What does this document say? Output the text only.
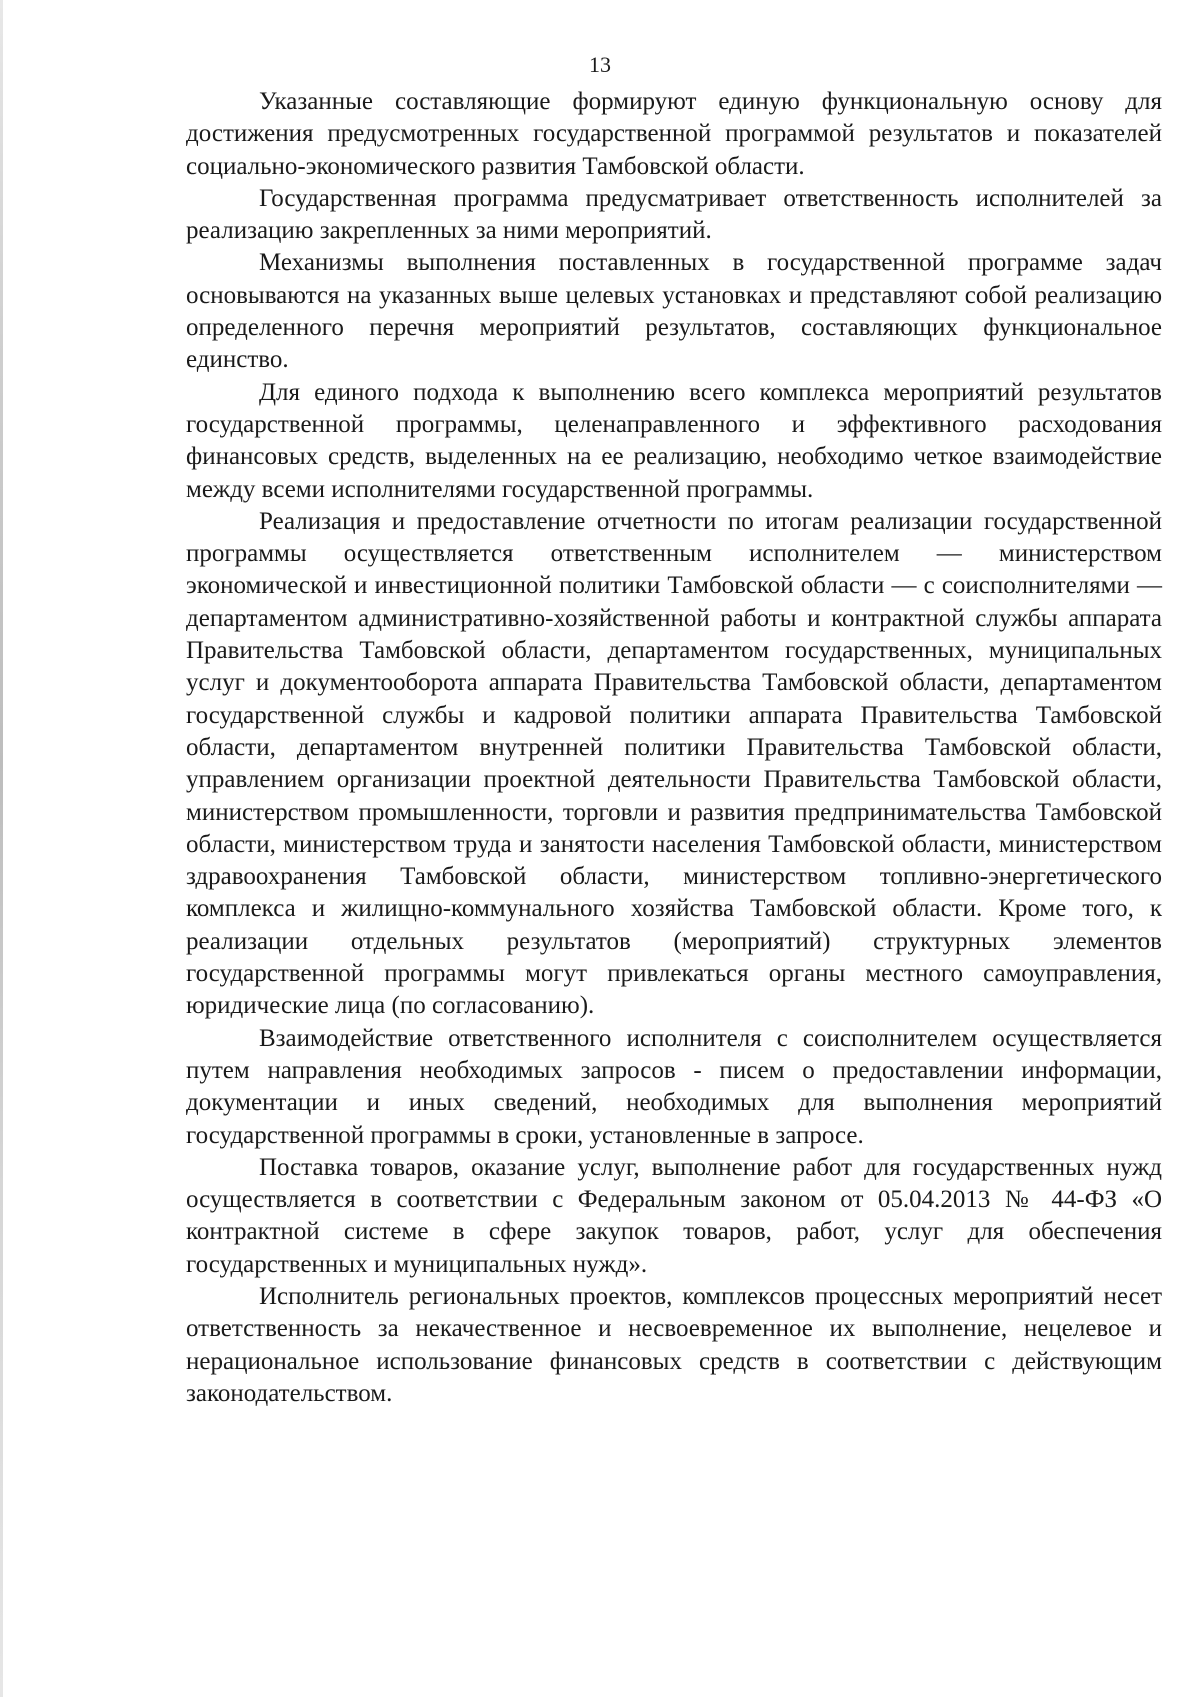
13

Указанные составляющие формируют единую функциональную основу для достижения предусмотренных государственной программой результатов и показателей социально-экономического развития Тамбовской области.

Государственная программа предусматривает ответственность исполнителей за реализацию закрепленных за ними мероприятий.

Механизмы выполнения поставленных в государственной программе задач основываются на указанных выше целевых установках и представляют собой реализацию определенного перечня мероприятий результатов, составляющих функциональное единство.

Для единого подхода к выполнению всего комплекса мероприятий результатов государственной программы, целенаправленного и эффективного расходования финансовых средств, выделенных на ее реализацию, необходимо четкое взаимодействие между всеми исполнителями государственной программы.

Реализация и предоставление отчетности по итогам реализации государственной программы осуществляется ответственным исполнителем — министерством экономической и инвестиционной политики Тамбовской области — с соисполнителями — департаментом административно-хозяйственной работы и контрактной службы аппарата Правительства Тамбовской области, департаментом государственных, муниципальных услуг и документооборота аппарата Правительства Тамбовской области, департаментом государственной службы и кадровой политики аппарата Правительства Тамбовской области, департаментом внутренней политики Правительства Тамбовской области, управлением организации проектной деятельности Правительства Тамбовской области, министерством промышленности, торговли и развития предпринимательства Тамбовской области, министерством труда и занятости населения Тамбовской области, министерством здравоохранения Тамбовской области, министерством топливно-энергетического комплекса и жилищно-коммунального хозяйства Тамбовской области. Кроме того, к реализации отдельных результатов (мероприятий) структурных элементов государственной программы могут привлекаться органы местного самоуправления, юридические лица (по согласованию).

Взаимодействие ответственного исполнителя с соисполнителем осуществляется путем направления необходимых запросов - писем о предоставлении информации, документации и иных сведений, необходимых для выполнения мероприятий государственной программы в сроки, установленные в запросе.

Поставка товаров, оказание услуг, выполнение работ для государственных нужд осуществляется в соответствии с Федеральным законом от 05.04.2013 № 44-ФЗ «О контрактной системе в сфере закупок товаров, работ, услуг для обеспечения государственных и муниципальных нужд».

Исполнитель региональных проектов, комплексов процессных мероприятий несет ответственность за некачественное и несвоевременное их выполнение, нецелевое и нерациональное использование финансовых средств в соответствии с действующим законодательством.
